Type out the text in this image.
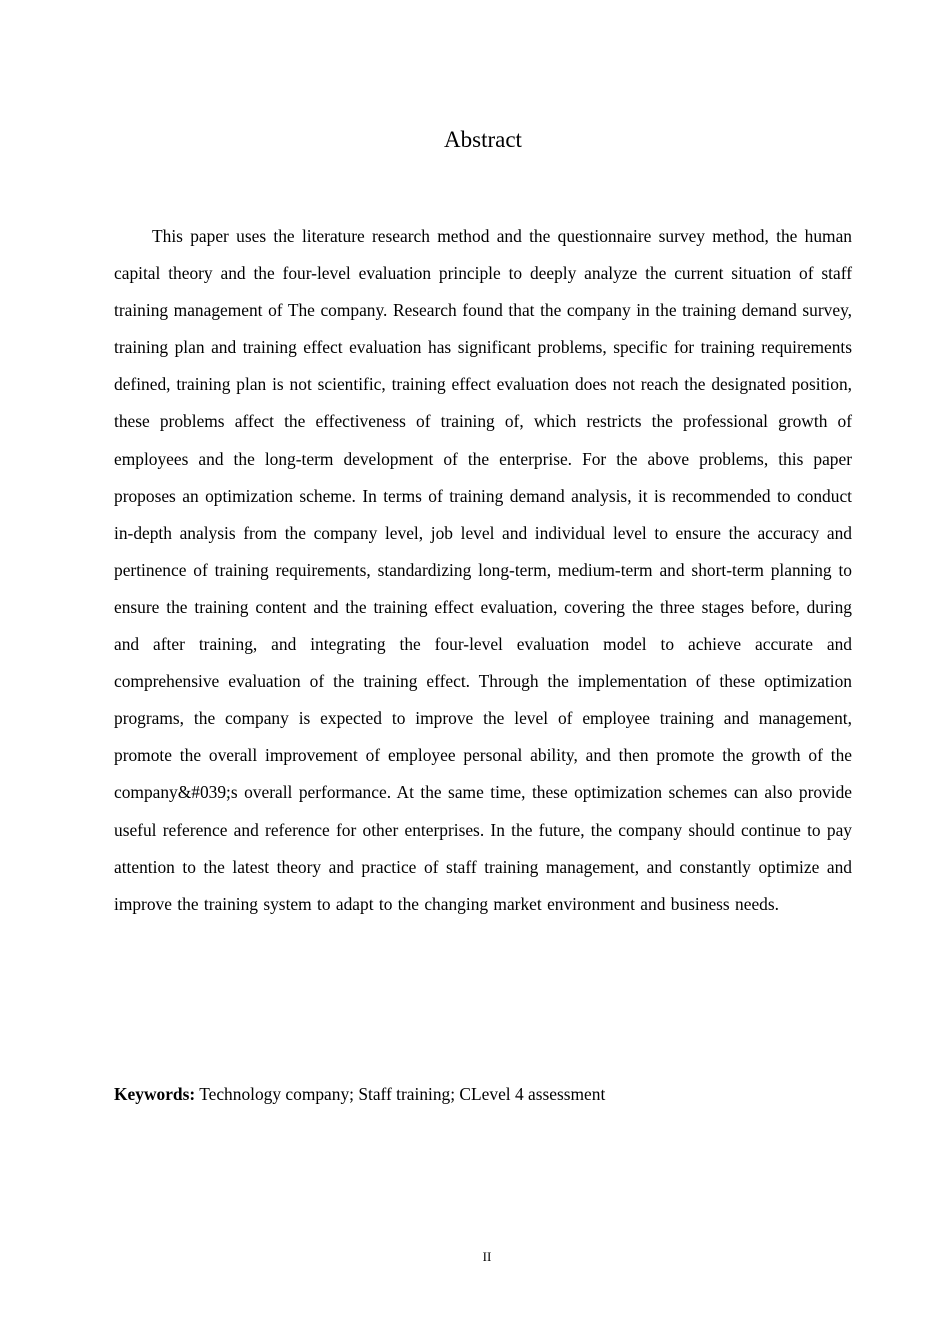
Abstract

This paper uses the literature research method and the questionnaire survey method, the human capital theory and the four-level evaluation principle to deeply analyze the current situation of staff training management of The company. Research found that the company in the training demand survey, training plan and training effect evaluation has significant problems, specific for training requirements defined, training plan is not scientific, training effect evaluation does not reach the designated position, these problems affect the effectiveness of training of, which restricts the professional growth of employees and the long-term development of the enterprise. For the above problems, this paper proposes an optimization scheme. In terms of training demand analysis, it is recommended to conduct in-depth analysis from the company level, job level and individual level to ensure the accuracy and pertinence of training requirements, standardizing long-term, medium-term and short-term planning to ensure the training content and the training effect evaluation, covering the three stages before, during and after training, and integrating the four-level evaluation model to achieve accurate and comprehensive evaluation of the training effect. Through the implementation of these optimization programs, the company is expected to improve the level of employee training and management, promote the overall improvement of employee personal ability, and then promote the growth of the company&#039;s overall performance. At the same time, these optimization schemes can also provide useful reference and reference for other enterprises. In the future, the company should continue to pay attention to the latest theory and practice of staff training management, and constantly optimize and improve the training system to adapt to the changing market environment and business needs.

Keywords: Technology company; Staff training; CLevel 4 assessment

II
